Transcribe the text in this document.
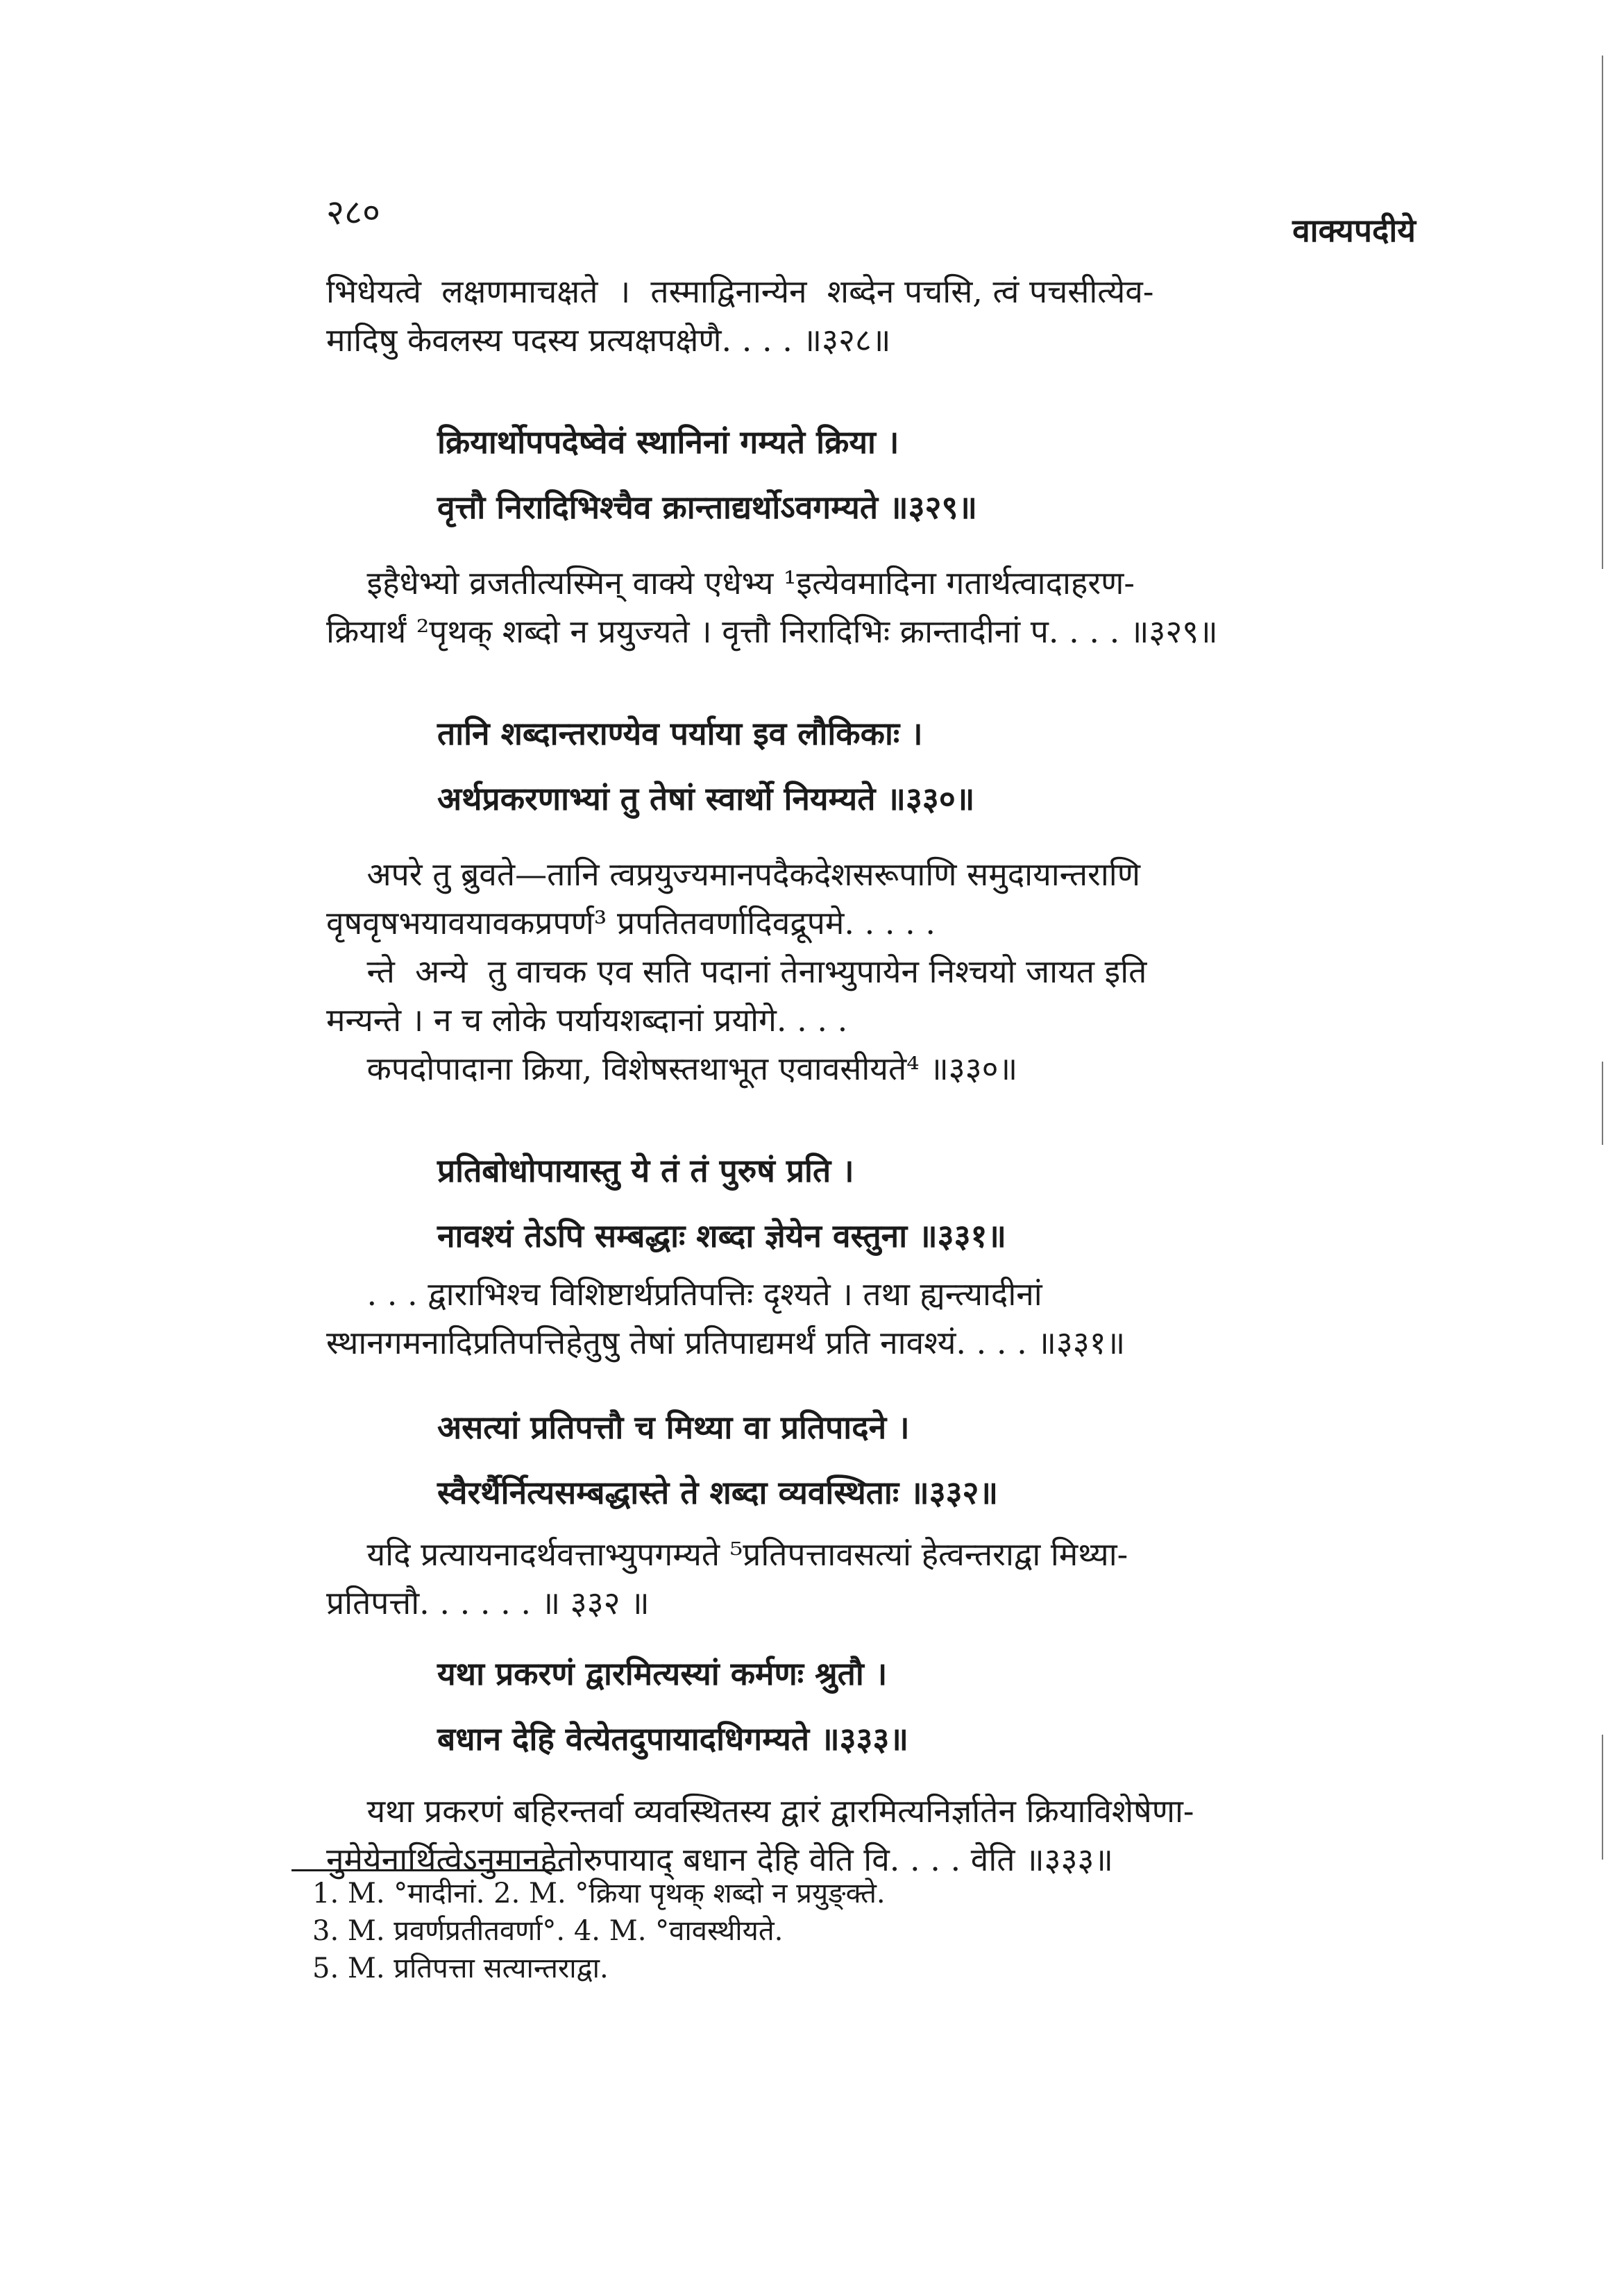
२८०	वाक्यपदीये

भिधेयत्वे  लक्षणमाचक्षते  ।  तस्माद्विनान्येन  शब्देन पचसि, त्वं पचसीत्येव-
मादिषु केवलस्य पदस्य प्रत्यक्षपक्षेणै. . . . ॥३२८॥

क्रियार्थोपपदेष्वेवं स्थानिनां गम्यते क्रिया ।
वृत्तौ निरादिभिश्चैव क्रान्ताद्यर्थोऽवगम्यते ॥३२९॥

इहैधेभ्यो व्रजतीत्यस्मिन् वाक्ये एधेभ्य ¹इत्येवमादिना गतार्थत्वादाहरण-
क्रियार्थं ²पृथक् शब्दो न प्रयुज्यते । वृत्तौ निरादिभिः क्रान्तादीनां प. . . . ॥३२९॥

तानि शब्दान्तराण्येव पर्याया इव लौकिकाः ।
अर्थप्रकरणाभ्यां तु तेषां स्वार्थो नियम्यते ॥३३०॥

अपरे तु ब्रुवते—तानि त्वप्रयुज्यमानपदैकदेशसरूपाणि समुदायान्तराणि
वृषवृषभयावयावकप्रपर्ण³ प्रपतितवर्णादिवद्रूपमे. . . . .
न्ते  अन्ये  तु वाचक एव सति पदानां तेनाभ्युपायेन निश्चयो जायत इति
मन्यन्ते । न च लोके पर्यायशब्दानां प्रयोगे. . . .
कपदोपादाना क्रिया, विशेषस्तथाभूत एवावसीयते⁴ ॥३३०॥

प्रतिबोधोपायास्तु ये तं तं पुरुषं प्रति ।
नावश्यं तेऽपि सम्बद्धाः शब्दा ज्ञेयेन वस्तुना ॥३३१॥

. . . द्वाराभिश्च विशिष्टार्थप्रतिपत्तिः दृश्यते । तथा ह्यन्त्यादीनां
स्थानगमनादिप्रतिपत्तिहेतुषु तेषां प्रतिपाद्यमर्थं प्रति नावश्यं. . . . ॥३३१॥

असत्यां प्रतिपत्तौ च मिथ्या वा प्रतिपादने ।
स्वैरर्थैर्नित्यसम्बद्धास्ते ते शब्दा व्यवस्थिताः ॥३३२॥

यदि प्रत्यायनादर्थवत्ताभ्युपगम्यते ⁵प्रतिपत्तावसत्यां हेत्वन्तराद्वा मिथ्या-
प्रतिपत्तौ. . . . . . ॥ ३३२ ॥

यथा प्रकरणं द्वारमित्यस्यां कर्मणः श्रुतौ ।
बधान देहि वेत्येतदुपायादधिगम्यते ॥३३३॥

यथा प्रकरणं बहिरन्तर्वा व्यवस्थितस्य द्वारं द्वारमित्यनिर्ज्ञातेन क्रियाविशेषेणा-
नुमेयेनार्थित्वेऽनुमानहेतोरुपायाद् बधान देहि वेति वि. . . . वेति ॥३३३॥

1. M. °मादीनां. 2. M. °क्रिया पृथक् शब्दो न प्रयुङ्क्ते.
3. M. प्रवर्णप्रतीतवर्णा°. 4. M. °वावस्थीयते.
5. M. प्रतिपत्ता सत्यान्तराद्वा.
